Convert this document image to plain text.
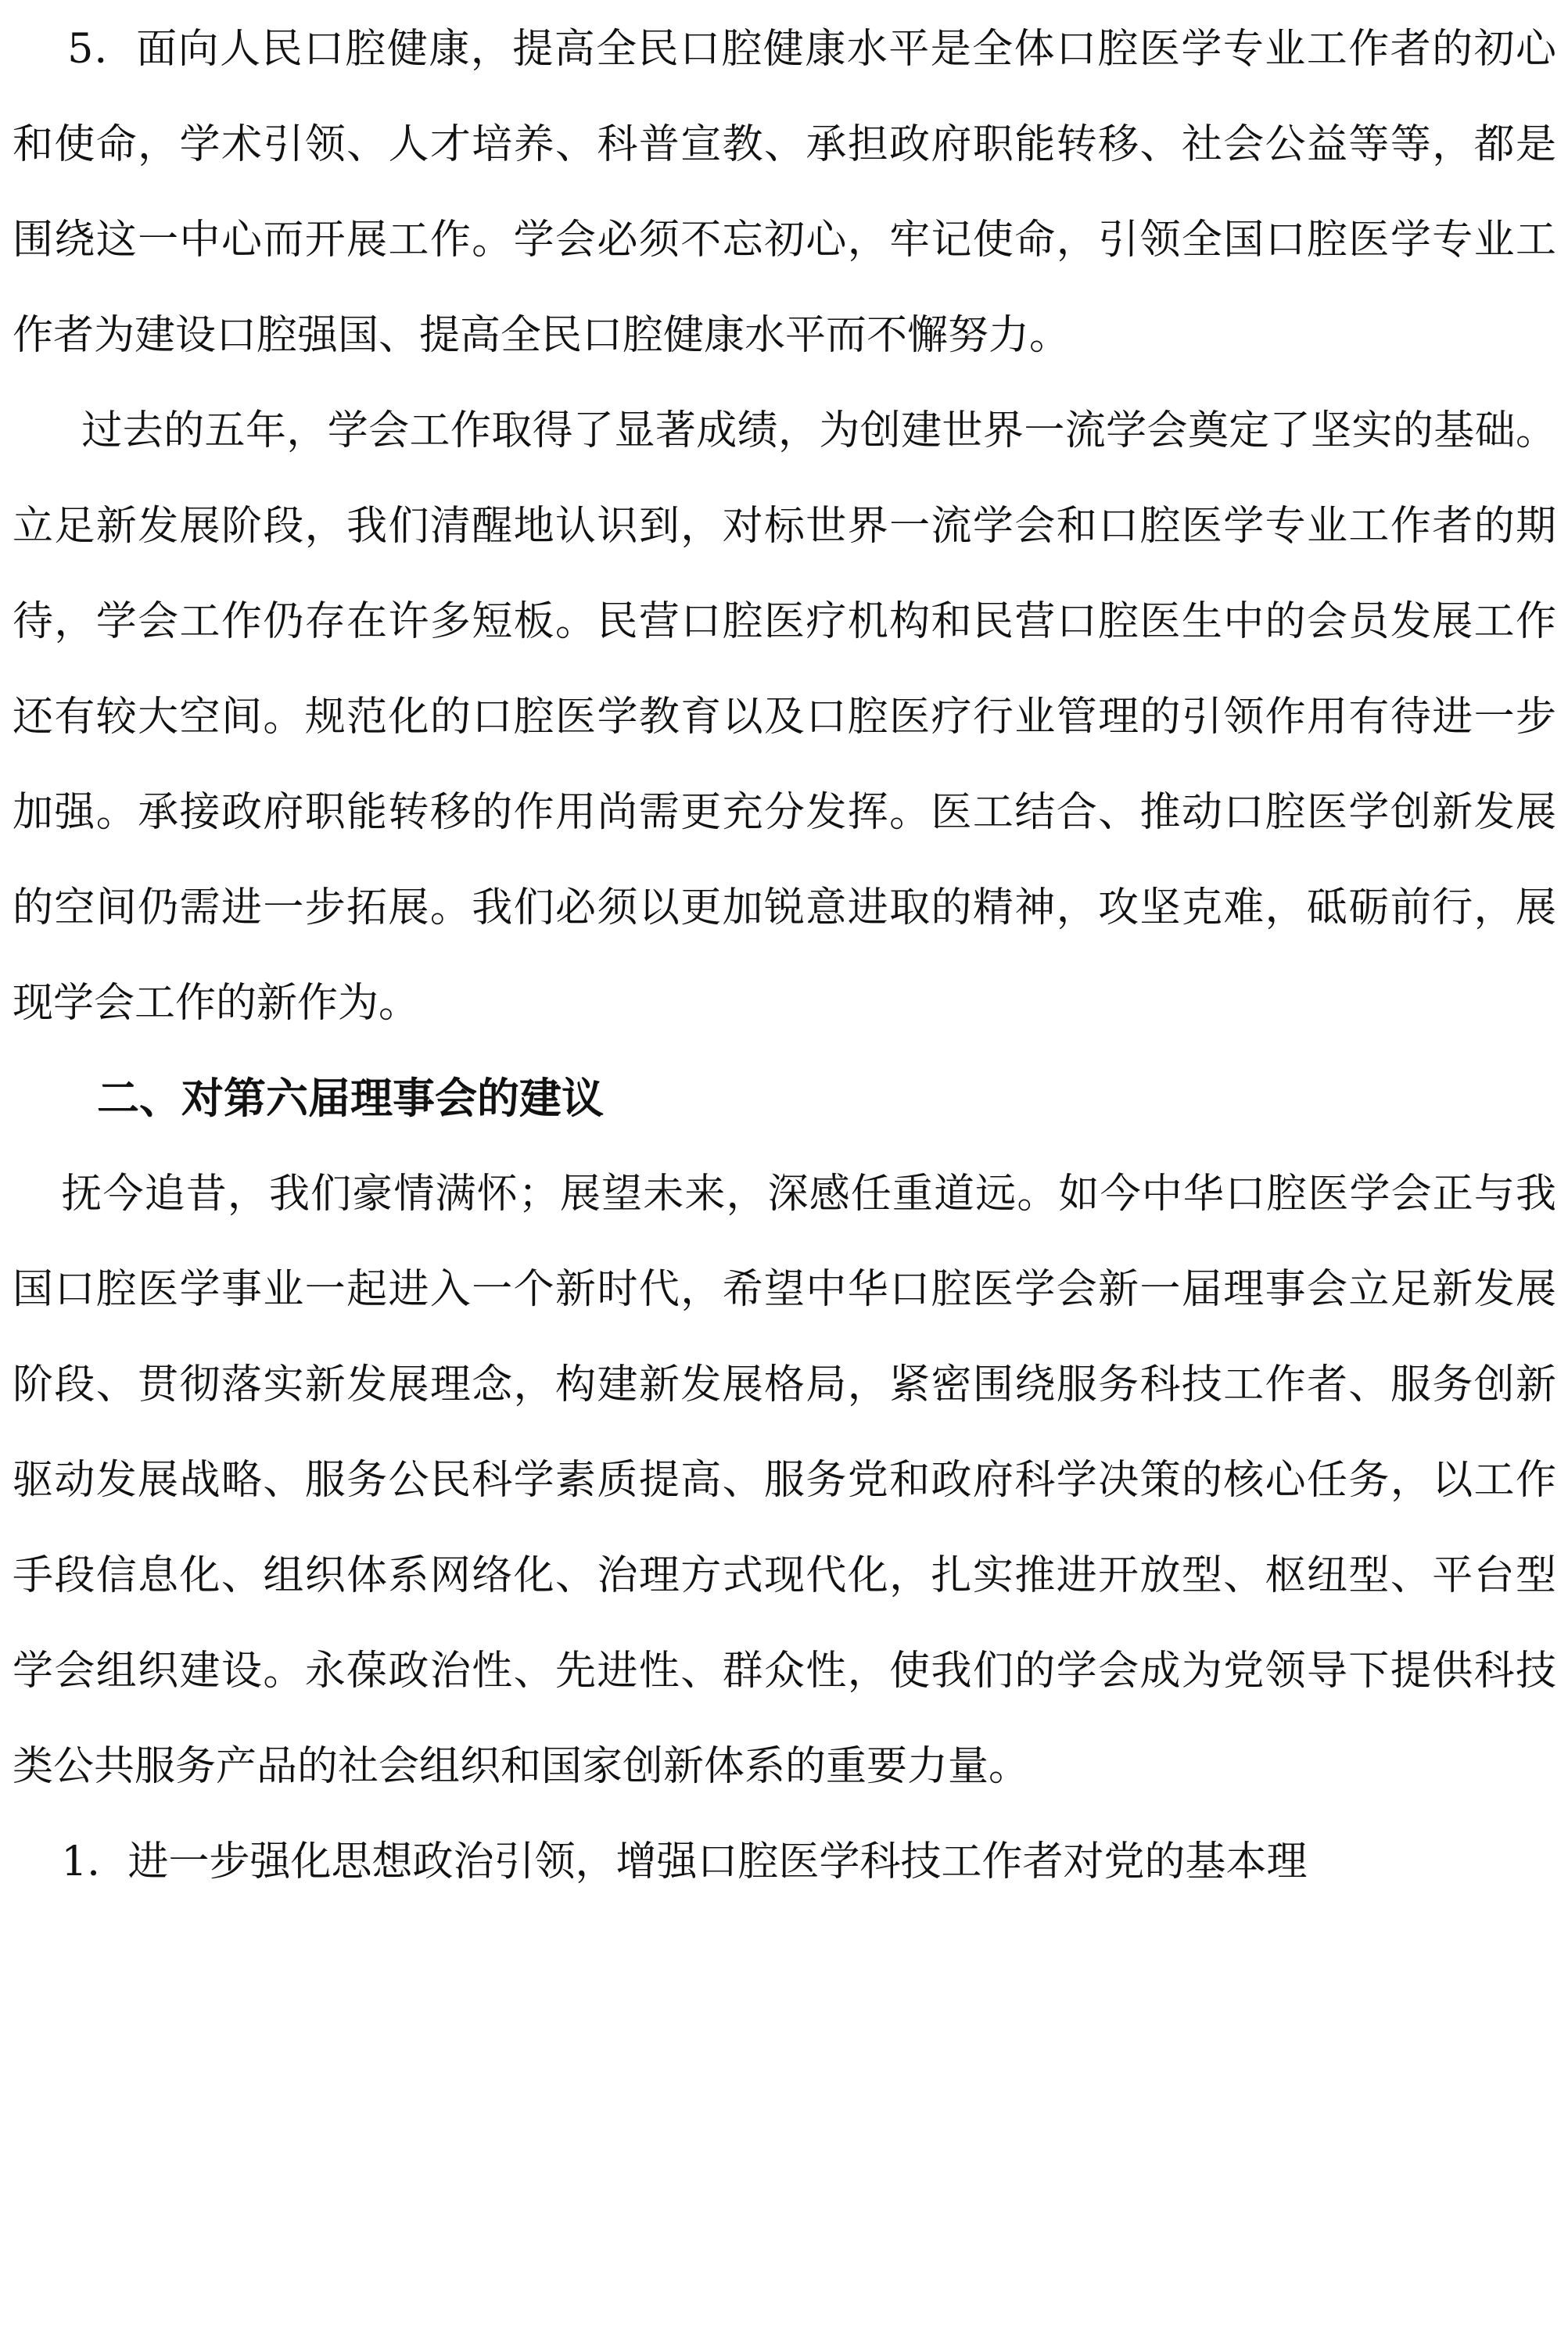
5．面向人民口腔健康，提高全民口腔健康水平是全体口腔医学专业工作者的初心和使命，学术引领、人才培养、科普宣教、承担政府职能转移、社会公益等等，都是围绕这一中心而开展工作。学会必须不忘初心，牢记使命，引领全国口腔医学专业工作者为建设口腔强国、提高全民口腔健康水平而不懈努力。

过去的五年，学会工作取得了显著成绩，为创建世界一流学会奠定了坚实的基础。立足新发展阶段，我们清醒地认识到，对标世界一流学会和口腔医学专业工作者的期待，学会工作仍存在许多短板。民营口腔医疗机构和民营口腔医生中的会员发展工作还有较大空间。规范化的口腔医学教育以及口腔医疗行业管理的引领作用有待进一步加强。承接政府职能转移的作用尚需更充分发挥。医工结合、推动口腔医学创新发展的空间仍需进一步拓展。我们必须以更加锐意进取的精神，攻坚克难，砥砺前行，展现学会工作的新作为。

二、对第六届理事会的建议

抚今追昔，我们豪情满怀；展望未来，深感任重道远。如今中华口腔医学会正与我国口腔医学事业一起进入一个新时代，希望中华口腔医学会新一届理事会立足新发展阶段、贯彻落实新发展理念，构建新发展格局，紧密围绕服务科技工作者、服务创新驱动发展战略、服务公民科学素质提高、服务党和政府科学决策的核心任务，以工作手段信息化、组织体系网络化、治理方式现代化，扎实推进开放型、枢纽型、平台型学会组织建设。永葆政治性、先进性、群众性，使我们的学会成为党领导下提供科技类公共服务产品的社会组织和国家创新体系的重要力量。

1．进一步强化思想政治引领，增强口腔医学科技工作者对党的基本理
